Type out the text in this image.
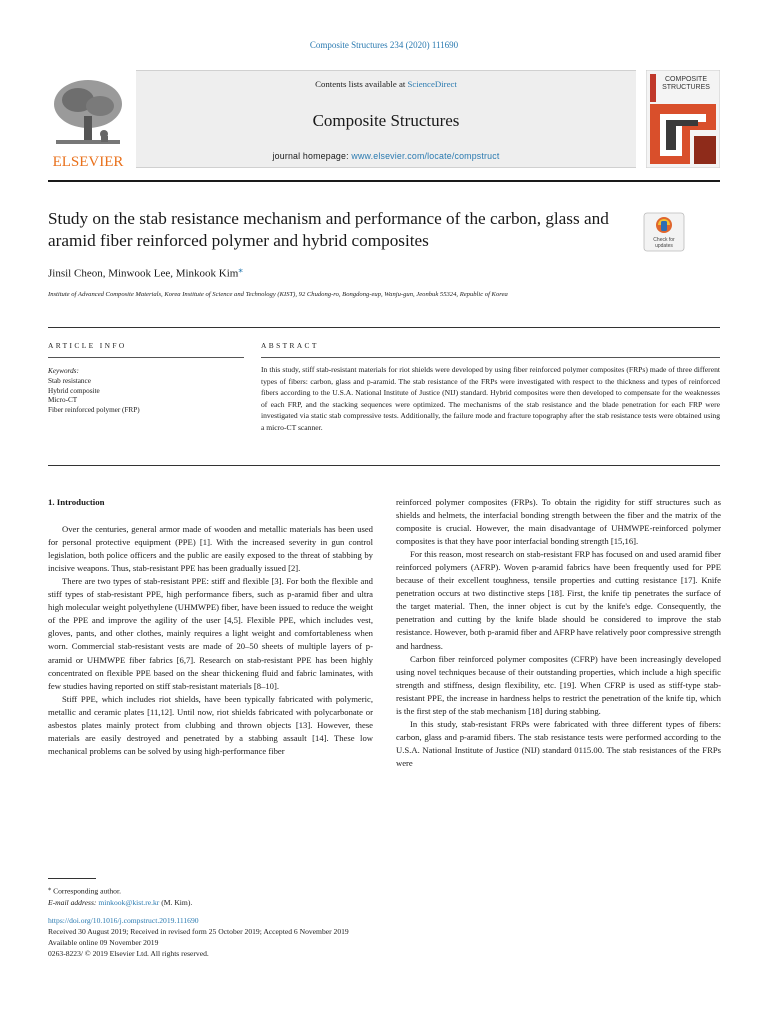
Composite Structures 234 (2020) 111690
ELSEVIER
Contents lists available at ScienceDirect
Composite Structures
journal homepage: www.elsevier.com/locate/compstruct
COMPOSITE
STRUCTURES
Study on the stab resistance mechanism and performance of the carbon, glass and aramid fiber reinforced polymer and hybrid composites	Check for
updates
Jinsil Cheon, Minwook Lee, Minkook Kim⁎
Institute of Advanced Composite Materials, Korea Institute of Science and Technology (KIST), 92 Chudong-ro, Bongdong-eup, Wanju-gun, Jeonbuk 55324, Republic of Korea
ARTICLE INFO	ABSTRACT
Keywords:
Stab resistance
Hybrid composite
Micro-CT
Fiber reinforced polymer (FRP)
In this study, stiff stab-resistant materials for riot shields were developed by using fiber reinforced polymer composites (FRPs) made of three different types of fibers: carbon, glass and p-aramid. The stab resistance of the FRPs were investigated with respect to the thickness and types of reinforced fibers according to the U.S.A. National Institute of Justice (NIJ) standard. Hybrid composites were then developed to compensate for the weaknesses of each FRP, and the stacking sequences were optimized. The mechanisms of the stab resistance and the blade penetration for each FRP were investigated via static stab compressive tests. Additionally, the failure mode and fracture topography after the stab resistance tests were obtained using a micro-CT scanner.

1. Introduction

Over the centuries, general armor made of wooden and metallic materials has been used for personal protective equipment (PPE) [1]. With the increased severity in gun control legislation, both police officers and the public are easily exposed to the threat of stabbing by incisive weapons. Thus, stab-resistant PPE has been gradually issued [2].

There are two types of stab-resistant PPE: stiff and flexible [3]. For both the flexible and stiff types of stab-resistant PPE, high performance fibers, such as p-aramid fiber and ultra high molecular weight polyethylene (UHMWPE) fiber, have been issued to reduce the weight of the PPE and improve the agility of the user [4,5]. Flexible PPE, which includes vest, gloves, pants, and other clothes, mainly requires a light weight and comfortableness when worn. Commercial stab-resistant vests are made of 20–50 sheets of multiple layers of p-aramid or UHMWPE fiber fabrics [6,7]. Research on stab-resistant PPE has been highly concentrated on flexible PPE based on the shear thickening fluid and fabric laminates, with few studies having reported on stiff stab-resistant materials [8–10].

Stiff PPE, which includes riot shields, have been typically fabricated with polymeric, metallic and ceramic plates [11,12]. Until now, riot shields fabricated with polycarbonate or asbestos plates mainly protect from clubbing and thrown objects [13]. However, these materials are easily destroyed and penetrated by a stabbing assault [14]. These low mechanical problems can be solved by using high-performance fiber

reinforced polymer composites (FRPs). To obtain the rigidity for stiff structures such as shields and helmets, the interfacial bonding strength between the fiber and the matrix of the composite is crucial. However, the main disadvantage of UHMWPE-reinforced polymer composites is that they have poor interfacial bonding strength [15,16].

For this reason, most research on stab-resistant FRP has focused on and used aramid fiber reinforced polymers (AFRP). Woven p-aramid fabrics have been frequently used for PPE because of their excellent toughness, tensile properties and cutting resistance [17]. Knife penetration occurs at two distinctive steps [18]. First, the knife tip penetrates the surface of the target material. Then, the inner object is cut by the knife's edge. Consequently, the penetration and cutting by the knife blade should be considered to improve the stab resistance. However, both p-aramid fiber and AFRP have relatively poor compressive strength and hardness.

Carbon fiber reinforced polymer composites (CFRP) have been increasingly developed using novel techniques because of their outstanding properties, which include a high specific strength and stiffness, design flexibility, etc. [19]. When CFRP is used as stiff-type stab-resistant PPE, the increase in hardness helps to restrict the penetration of the knife tip, which is the first step of the stab mechanism [18] during stabbing.

In this study, stab-resistant FRPs were fabricated with three different types of fibers: carbon, glass and p-aramid fibers. The stab resistance tests were performed according to the U.S.A. National Institute of Justice (NIJ) standard 0115.00. The stab resistances of the FRPs were

⁎ Corresponding author.
E-mail address: minkook@kist.re.kr (M. Kim).
https://doi.org/10.1016/j.compstruct.2019.111690
Received 30 August 2019; Received in revised form 25 October 2019; Accepted 6 November 2019
Available online 09 November 2019
0263-8223/ © 2019 Elsevier Ltd. All rights reserved.
